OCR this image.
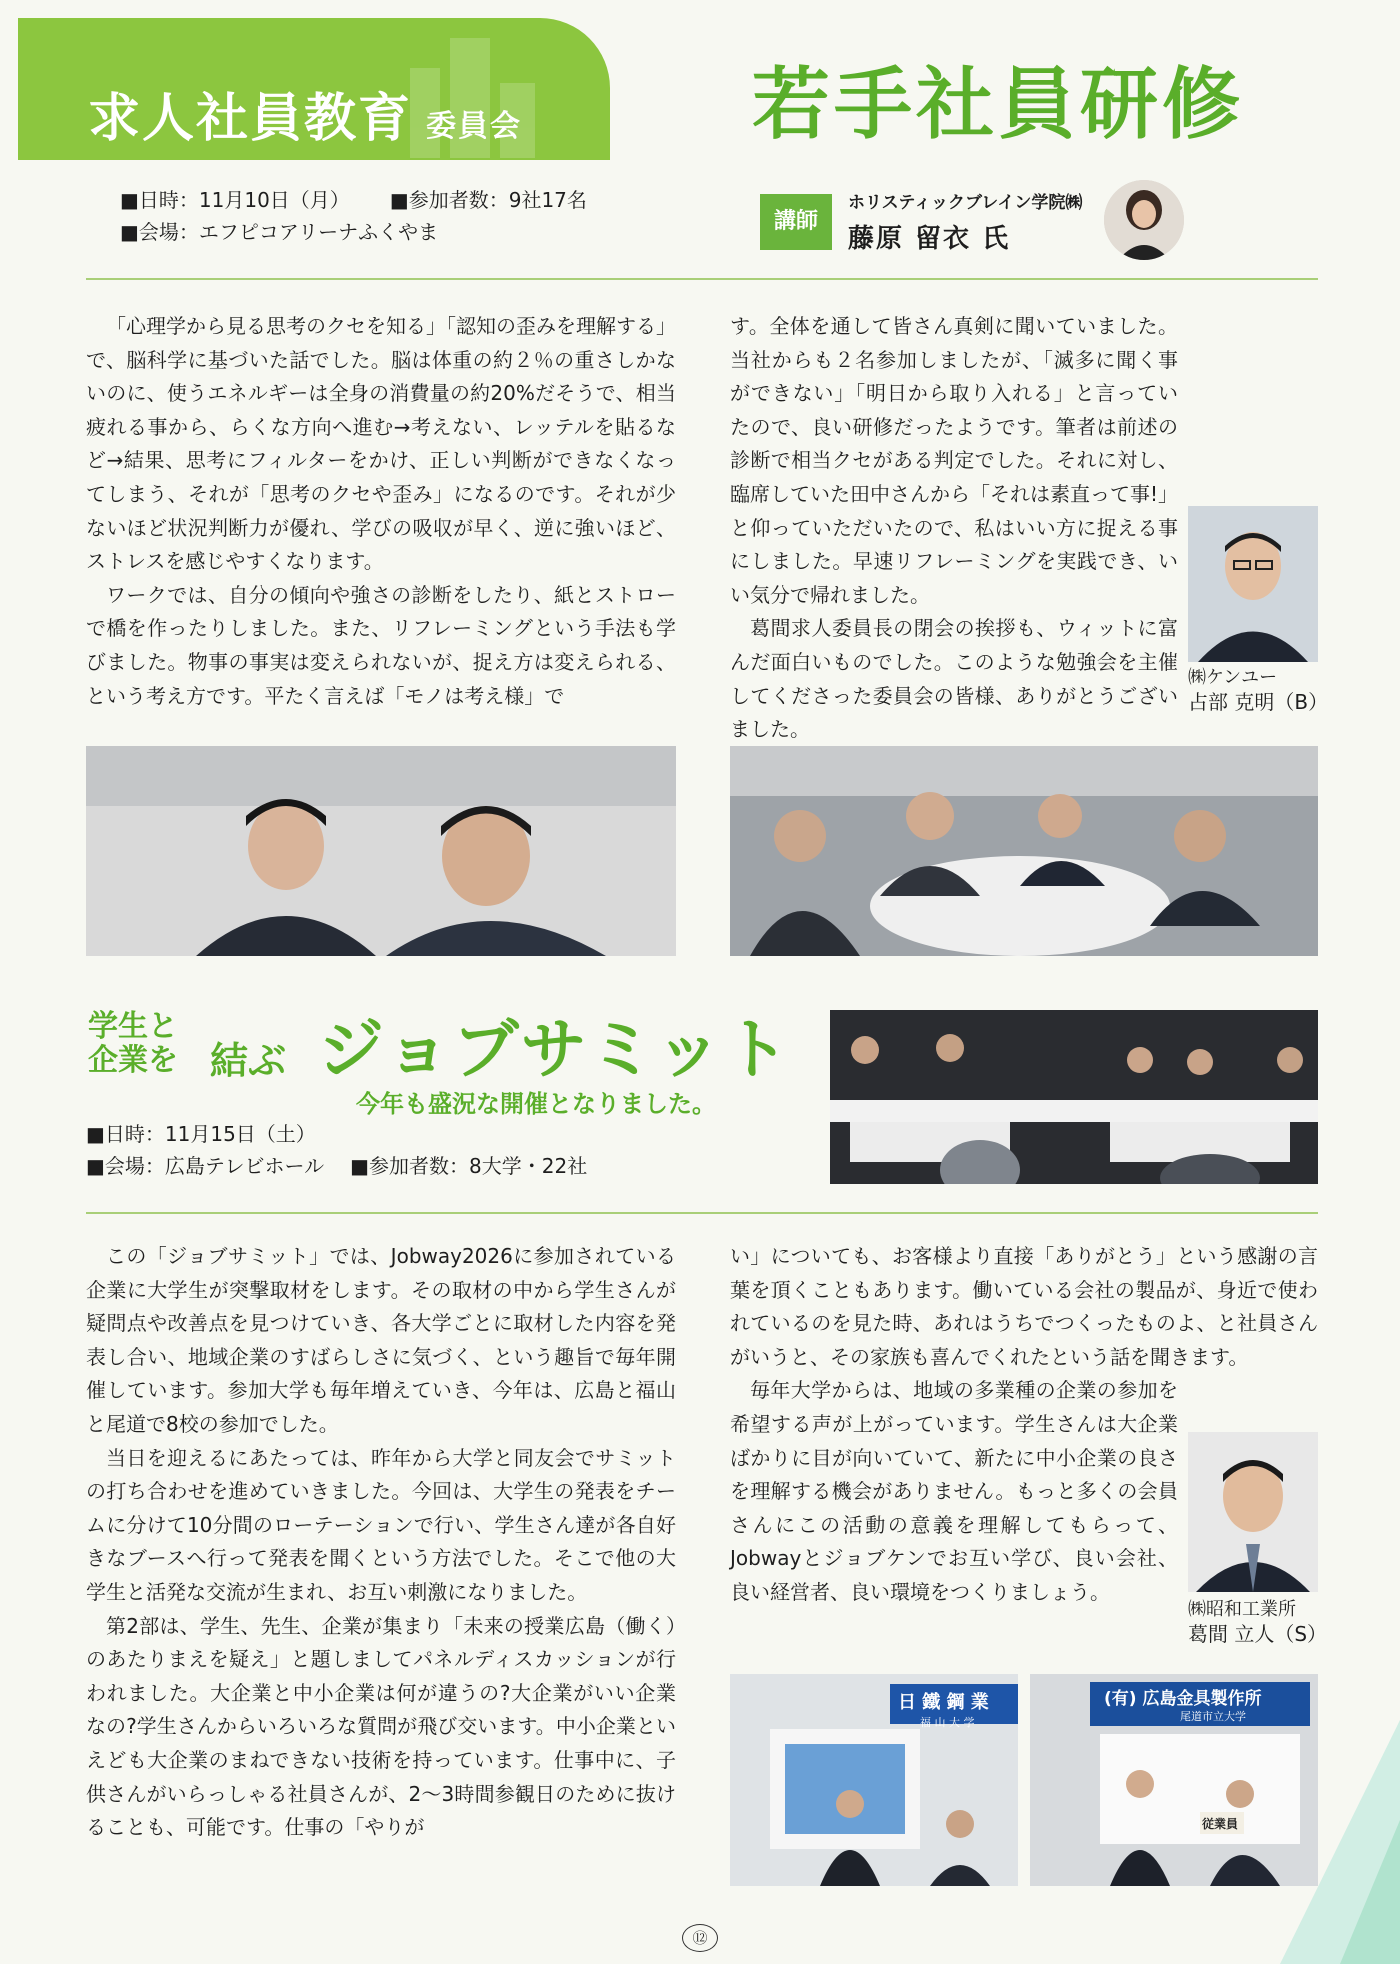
求人社員教育 委員会	若手社員研修
■ 日時：11月10日（月）	■ 参加者数：9社17名
■ 会場：エフピコアリーナふくやま	講師
ホリスティックブレイン学院㈱
藤原 留衣 氏

「心理学から見る思考のクセを知る」「認知の歪みを理解する」で、脳科学に基づいた話でした。脳は体重の約２％の重さしかないのに、使うエネルギーは全身の消費量の約20%だそうで、相当疲れる事から、らくな方向へ進む→考えない、レッテルを貼るなど→結果、思考にフィルターをかけ、正しい判断ができなくなってしまう、それが「思考のクセや歪み」になるのです。それが少ないほど状況判断力が優れ、学びの吸収が早く、逆に強いほど、ストレスを感じやすくなります。

ワークでは、自分の傾向や強さの診断をしたり、紙とストローで橋を作ったりしました。また、リフレーミングという手法も学びました。物事の事実は変えられないが、捉え方は変えられる、という考え方です。平たく言えば「モノは考え様」で

す。全体を通して皆さん真剣に聞いていました。当社からも２名参加しましたが、「滅多に聞く事ができない」「明日から取り入れる」と言っていたので、良い研修だったようです。筆者は前述の診断で相当クセがある判定でした。それに対し、臨席していた田中さんから「それは素直って事!」と仰っていただいたので、私はいい方に捉える事にしました。早速リフレーミングを実践でき、いい気分で帰れました。

葛間求人委員長の閉会の挨拶も、ウィットに富んだ面白いものでした。このような勉強会を主催してくださった委員会の皆様、ありがとうございました。

㈱ケンユー
占部 克明（B）
学生と
企業を 結ぶ ジョブサミット
今年も盛況な開催となりました。
■ 日時：11月15日（土）
■ 会場：広島テレビホール ■ 参加者数：8大学・22社

この「ジョブサミット」では、Jobway2026に参加されている企業に大学生が突撃取材をします。その取材の中から学生さんが疑問点や改善点を見つけていき、各大学ごとに取材した内容を発表し合い、地域企業のすばらしさに気づく、という趣旨で毎年開催しています。参加大学も毎年増えていき、今年は、広島と福山と尾道で8校の参加でした。

当日を迎えるにあたっては、昨年から大学と同友会でサミットの打ち合わせを進めていきました。今回は、大学生の発表をチームに分けて10分間のローテーションで行い、学生さん達が各自好きなブースへ行って発表を聞くという方法でした。そこで他の大学生と活発な交流が生まれ、お互い刺激になりました。

第2部は、学生、先生、企業が集まり「未来の授業広島（働く）のあたりまえを疑え」と題しましてパネルディスカッションが行われました。大企業と中小企業は何が違うの?大企業がいい企業なの?学生さんからいろいろな質問が飛び交います。中小企業といえども大企業のまねできない技術を持っています。仕事中に、子供さんがいらっしゃる社員さんが、2〜3時間参観日のために抜けることも、可能です。仕事の「やりが

い」についても、お客様より直接「ありがとう」という感謝の言葉を頂くこともあります。働いている会社の製品が、身近で使われているのを見た時、あれはうちでつくったものよ、と社員さんがいうと、その家族も喜んでくれたという話を聞きます。

毎年大学からは、地域の多業種の企業の参加を希望する声が上がっています。学生さんは大企業ばかりに目が向いていて、新たに中小企業の良さを理解する機会がありません。もっと多くの会員さんにこの活動の意義を理解してもらって、Jobwayとジョブケンでお互い学び、良い会社、良い経営者、良い環境をつくりましょう。

㈱昭和工業所
葛間 立人（S）
日 鐵 鋼 業
福 山 大 学
(有) 広島金具製作所
尾道市立大学
従業員
⑫
